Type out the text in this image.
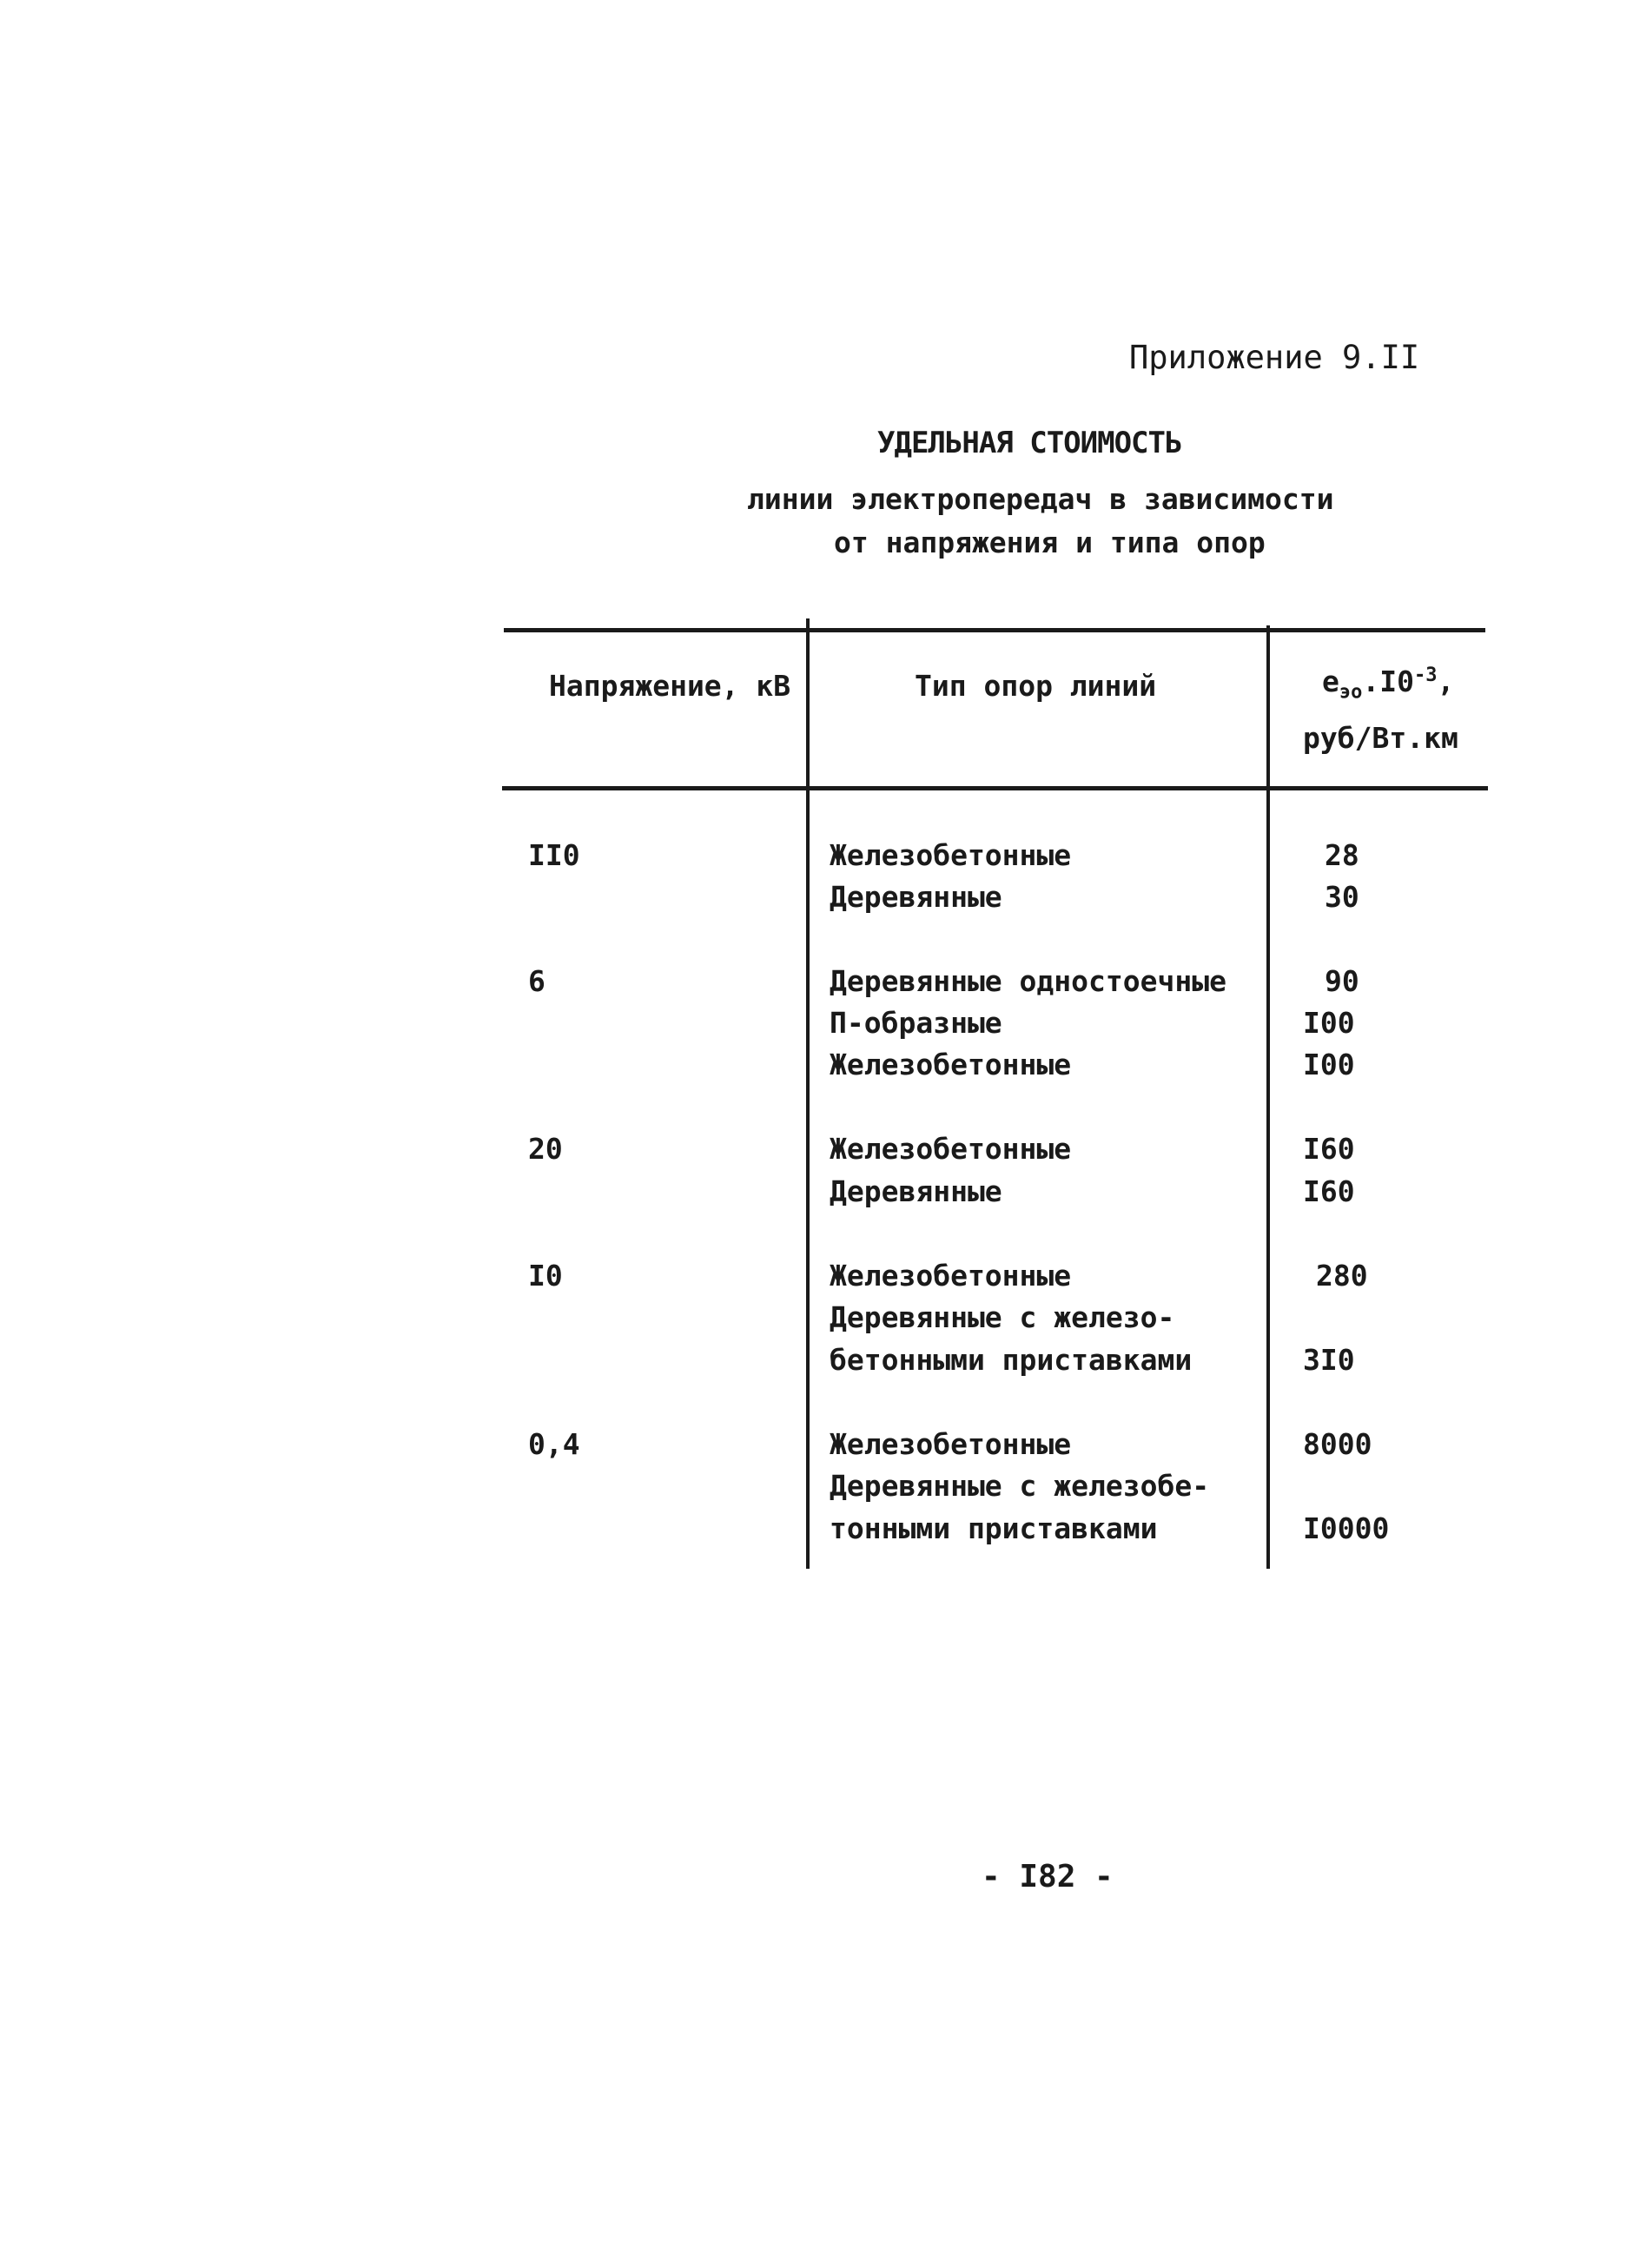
Приложение 9.II
УДЕЛЬНАЯ СТОИМОСТЬ
линии электропередач в зависимости
от напряжения и типа опор
Напряжение, кВ	Тип опор линий	$e_{эо}.I0^{-3}$,
руб/Вт.км
II0	Железобетонные	28
Деревянные	30
6	Деревянные одностоечные	90
П-образные	I00
Железобетонные	I00
20	Железобетонные	I60
Деревянные	I60
I0	Железобетонные	280
Деревянные с железо-
бетонными приставками	3I0
0,4	Железобетонные	8000
Деревянные с железобе-
тонными приставками	I0000
- I82 -
